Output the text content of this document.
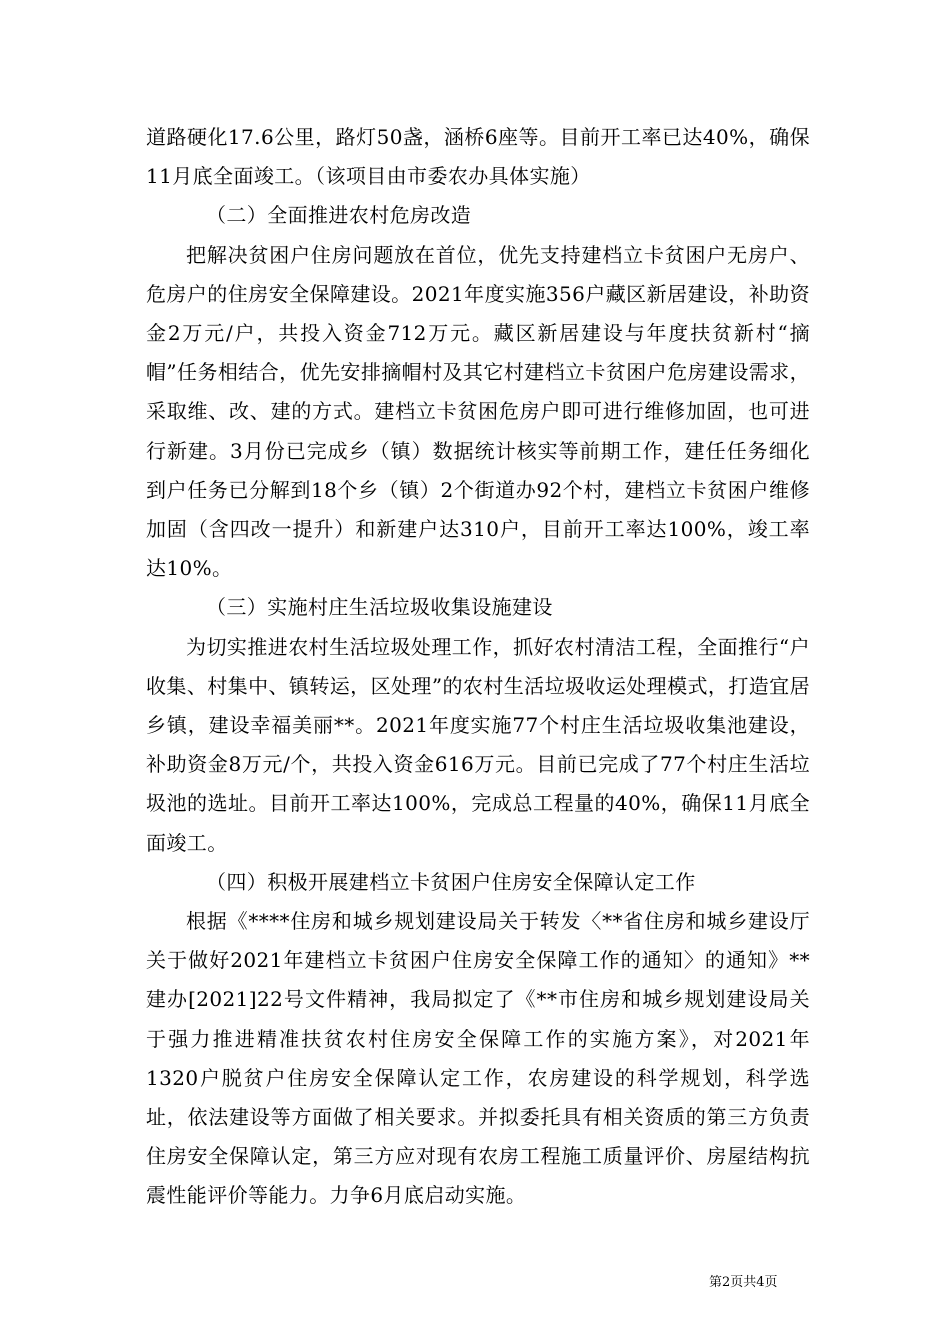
道路硬化17.6公里，路灯50盏，涵桥6座等。目前开工率已达40%，确保11月底全面竣工。（该项目由市委农办具体实施）

（二）全面推进农村危房改造

把解决贫困户住房问题放在首位，优先支持建档立卡贫困户无房户、危房户的住房安全保障建设。2021年度实施356户藏区新居建设，补助资金2万元/户，共投入资金712万元。藏区新居建设与年度扶贫新村“摘帽”任务相结合，优先安排摘帽村及其它村建档立卡贫困户危房建设需求，采取维、改、建的方式。建档立卡贫困危房户即可进行维修加固，也可进行新建。3月份已完成乡（镇）数据统计核实等前期工作，建任任务细化到户任务已分解到18个乡（镇）2个街道办92个村，建档立卡贫困户维修加固（含四改一提升）和新建户达310户，目前开工率达100%，竣工率达10%。

（三）实施村庄生活垃圾收集设施建设

为切实推进农村生活垃圾处理工作，抓好农村清洁工程，全面推行“户收集、村集中、镇转运，区处理”的农村生活垃圾收运处理模式，打造宜居乡镇，建设幸福美丽**。2021年度实施77个村庄生活垃圾收集池建设，补助资金8万元/个，共投入资金616万元。目前已完成了77个村庄生活垃圾池的选址。目前开工率达100%，完成总工程量的40%，确保11月底全面竣工。

（四）积极开展建档立卡贫困户住房安全保障认定工作

根据《****住房和城乡规划建设局关于转发〈**省住房和城乡建设厅关于做好2021年建档立卡贫困户住房安全保障工作的通知〉的通知》**建办[2021]22号文件精神，我局拟定了《**市住房和城乡规划建设局关于强力推进精准扶贫农村住房安全保障工作的实施方案》，对2021年1320户脱贫户住房安全保障认定工作，农房建设的科学规划，科学选址，依法建设等方面做了相关要求。并拟委托具有相关资质的第三方负责住房安全保障认定，第三方应对现有农房工程施工质量评价、房屋结构抗震性能评价等能力。力争6月底启动实施。

第2页共4页
